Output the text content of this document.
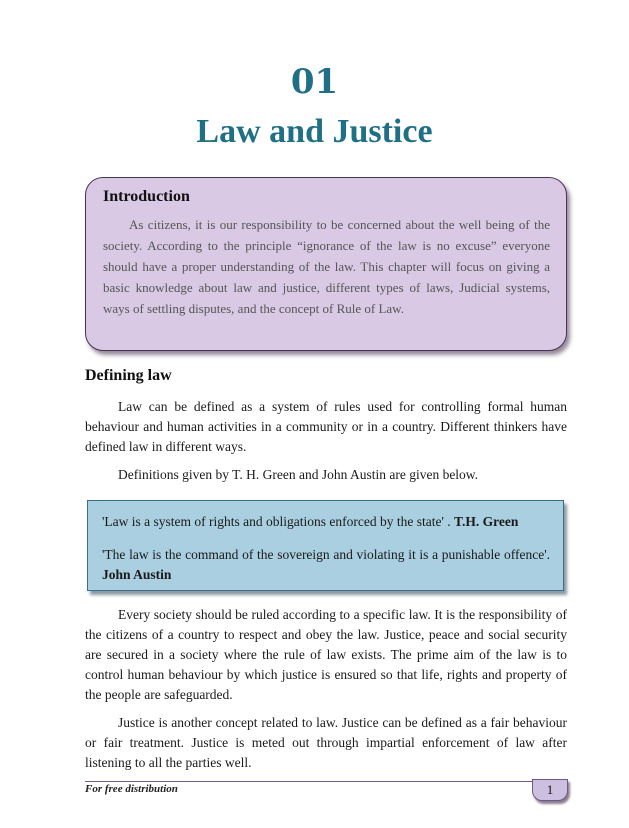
01
Law and Justice
Introduction

As citizens, it is our responsibility to be concerned about the well being of the society. According to the principle “ignorance of the law is no excuse” everyone should have a proper understanding of the law. This chapter will focus on giving a basic knowledge about law and justice, different types of laws, Judicial systems, ways of settling disputes, and the concept of Rule of Law.

Defining law

Law can be defined as a system of rules used for controlling formal human behaviour and human activities in a community or in a country. Different thinkers have defined law in different ways.

Definitions given by T. H. Green and John Austin are given below.

'Law is a system of rights and obligations enforced by the state' . T.H. Green

'The law is the command of the sovereign and violating it is a punishable offence'. John Austin

Every society should be ruled according to a specific law. It is the responsibility of the citizens of a country to respect and obey the law. Justice, peace and social security are secured in a society where the rule of law exists. The prime aim of the law is to control human behaviour by which justice is ensured so that life, rights and property of the people are safeguarded.

Justice is another concept related to law. Justice can be defined as a fair behaviour or fair treatment. Justice is meted out through impartial enforcement of law after listening to all the parties well.

For free distribution	1
